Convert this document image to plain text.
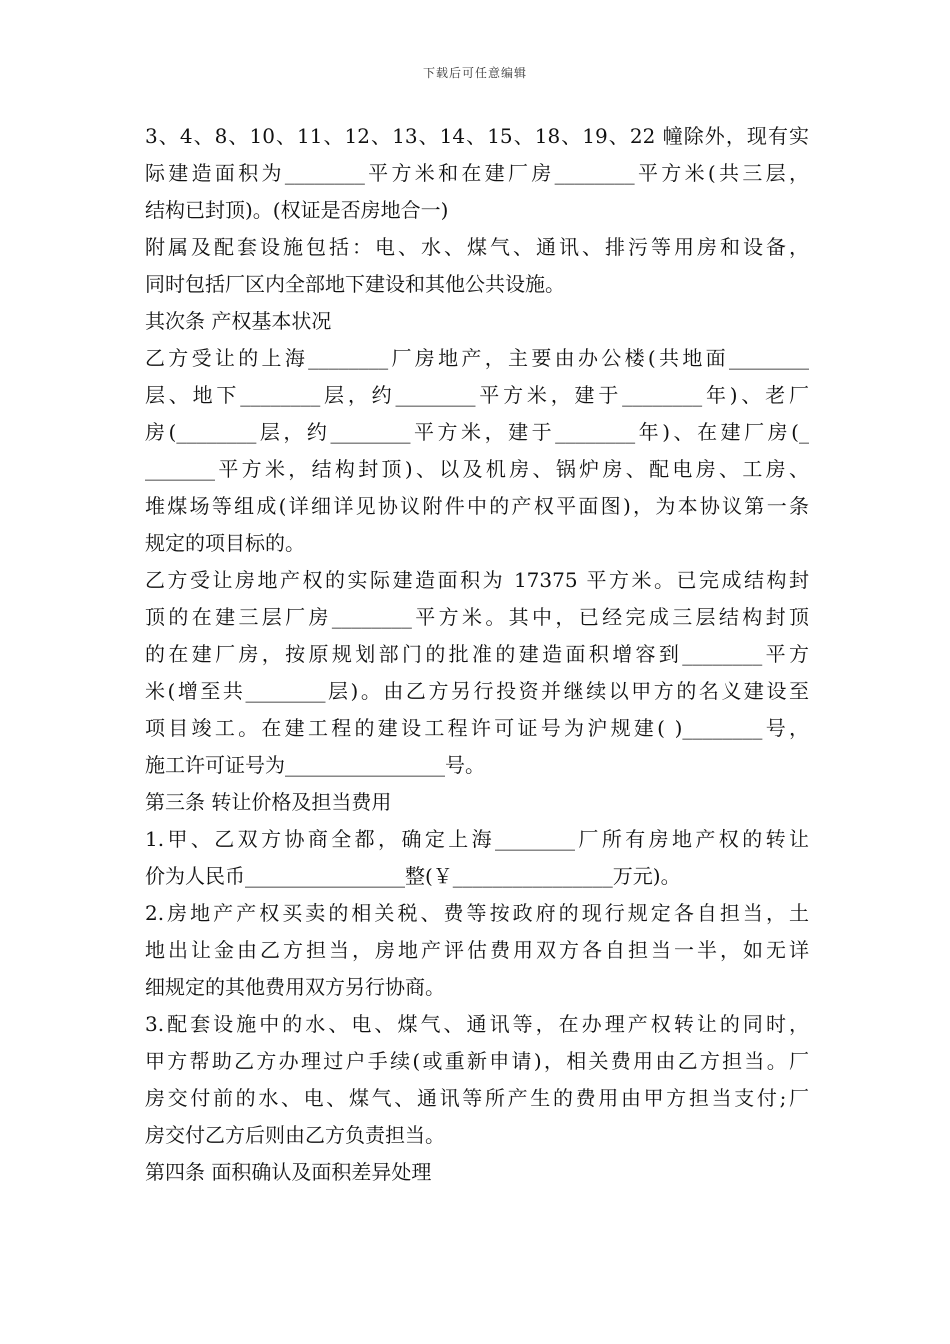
下载后可任意编辑
3、4、8、10、11、12、13、14、15、18、19、22 幢除外，现有实
际建造面积为________平方米和在建厂房________平方米(共三层，
结构已封顶)。(权证是否房地合一)
附属及配套设施包括：电、水、煤气、通讯、排污等用房和设备，
同时包括厂区内全部地下建设和其他公共设施。
其次条 产权基本状况
乙方受让的上海________厂房地产，主要由办公楼(共地面________
层、地下________层，约________平方米，建于________年)、老厂
房(________层，约________平方米，建于________年)、在建厂房(_
_______平方米，结构封顶)、以及机房、锅炉房、配电房、工房、
堆煤场等组成(详细详见协议附件中的产权平面图)，为本协议第一条
规定的项目标的。
乙方受让房地产权的实际建造面积为 17375 平方米。已完成结构封
顶的在建三层厂房________平方米。其中，已经完成三层结构封顶
的在建厂房，按原规划部门的批准的建造面积增容到________平方
米(增至共________层)。由乙方另行投资并继续以甲方的名义建设至
项目竣工。在建工程的建设工程许可证号为沪规建( )________号，
施工许可证号为________________号。
第三条 转让价格及担当费用
1.甲、乙双方协商全都，确定上海________厂所有房地产权的转让
价为人民币________________整(￥________________万元)。
2.房地产产权买卖的相关税、费等按政府的现行规定各自担当，土
地出让金由乙方担当，房地产评估费用双方各自担当一半，如无详
细规定的其他费用双方另行协商。
3.配套设施中的水、电、煤气、通讯等，在办理产权转让的同时，
甲方帮助乙方办理过户手续(或重新申请)，相关费用由乙方担当。厂
房交付前的水、电、煤气、通讯等所产生的费用由甲方担当支付;厂
房交付乙方后则由乙方负责担当。
第四条 面积确认及面积差异处理
